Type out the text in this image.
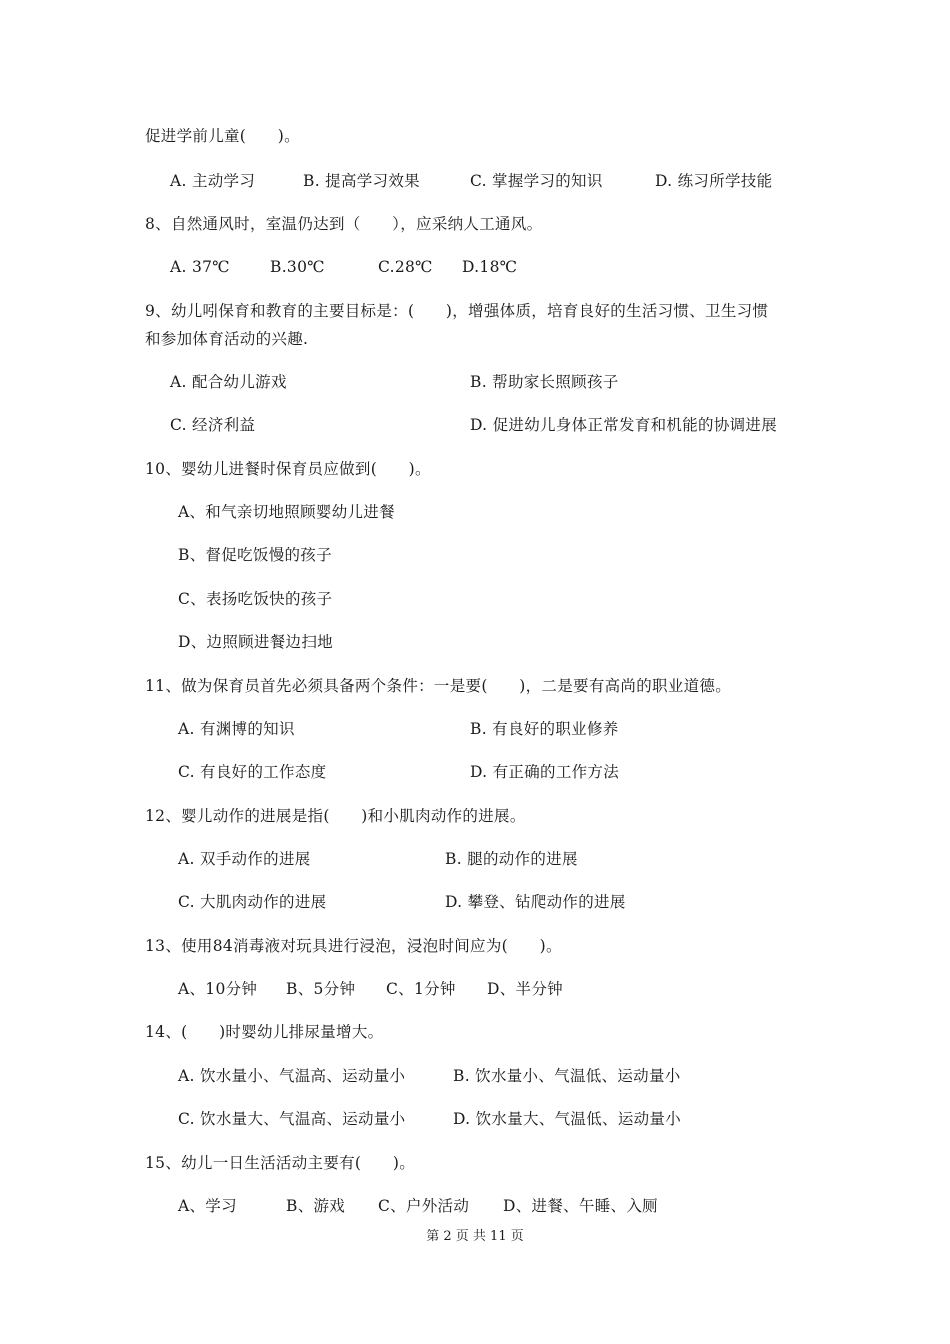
促进学前儿童(　　)。
A. 主动学习	B. 提高学习效果	C. 掌握学习的知识	D. 练习所学技能
8、自然通风时，室温仍达到（　　），应采纳人工通风。
A. 37℃	B.30℃	C.28℃ D.18℃
9、幼儿吲保育和教育的主要目标是：(　　)，增强体质，培育良好的生活习惯、卫生习惯
和参加体育活动的兴趣.
A. 配合幼儿游戏	B. 帮助家长照顾孩子
C. 经济利益	D. 促进幼儿身体正常发育和机能的协调进展
10、婴幼儿进餐时保育员应做到(　　)。
A、和气亲切地照顾婴幼儿进餐
B、督促吃饭慢的孩子
C、表扬吃饭快的孩子
D、边照顾进餐边扫地
11、做为保育员首先必须具备两个条件：一是要(　　)，二是要有高尚的职业道德。
A. 有渊博的知识	B. 有良好的职业修养
C. 有良好的工作态度	D. 有正确的工作方法
12、婴儿动作的进展是指(　　)和小肌肉动作的进展。
A. 双手动作的进展	B. 腿的动作的进展
C. 大肌肉动作的进展	D. 攀登、钻爬动作的进展
13、使用84消毒液对玩具进行浸泡，浸泡时间应为(　　)。
A、10分钟 B、5分钟 C、1分钟 D、半分钟
14、(　　)时婴幼儿排尿量增大。
A. 饮水量小、气温高、运动量小	B. 饮水量小、气温低、运动量小
C. 饮水量大、气温高、运动量小	D. 饮水量大、气温低、运动量小
15、幼儿一日生活活动主要有(　　)。
A、学习	B、游戏 C、户外活动 D、进餐、午睡、入厕
第 2 页 共 11 页
